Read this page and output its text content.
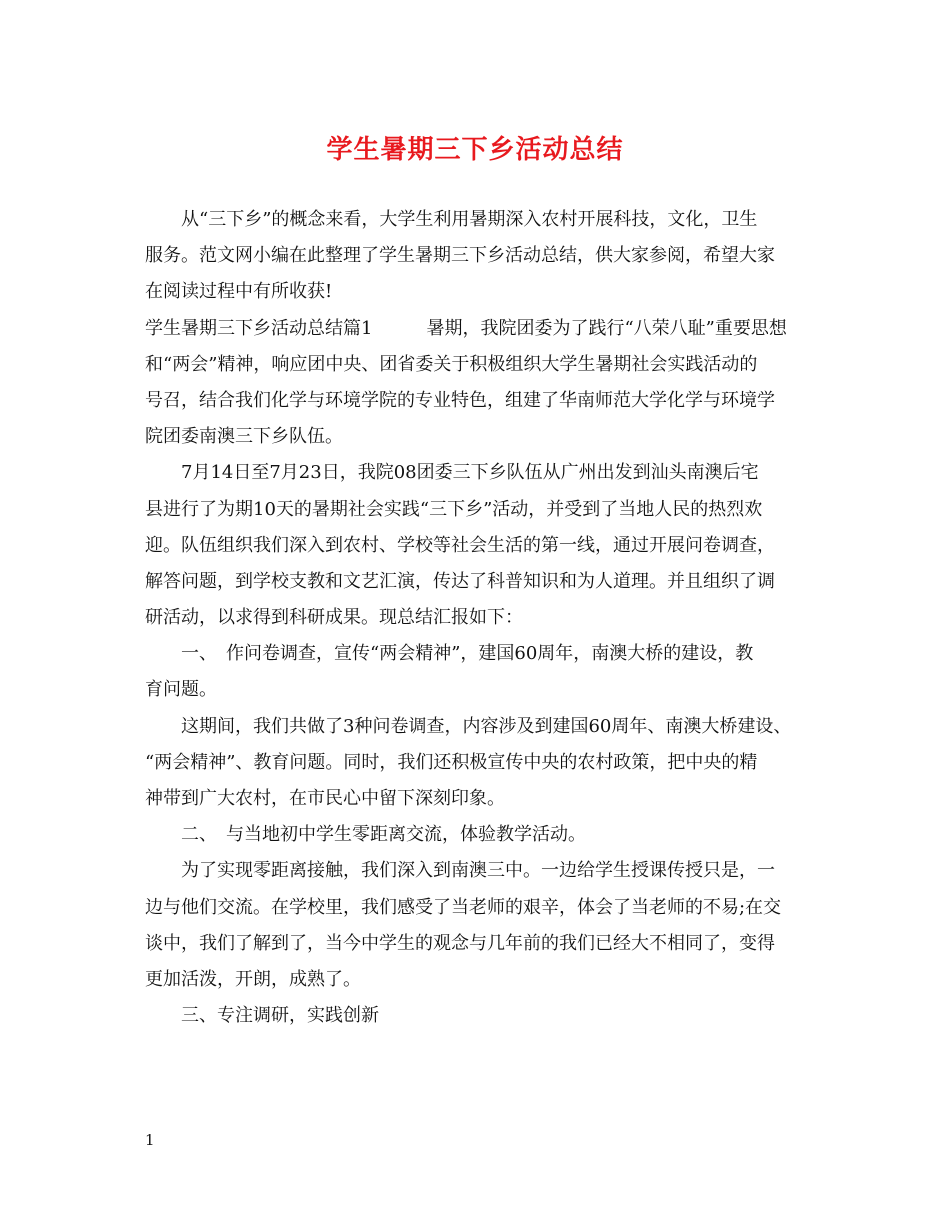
学生暑期三下乡活动总结
从“三下乡”的概念来看，大学生利用暑期深入农村开展科技，文化，卫生
服务。范文网小编在此整理了学生暑期三下乡活动总结，供大家参阅，希望大家
在阅读过程中有所收获!
学生暑期三下乡活动总结篇1　　　暑期，我院团委为了践行“八荣八耻”重要思想
和“两会”精神，响应团中央、团省委关于积极组织大学生暑期社会实践活动的
号召，结合我们化学与环境学院的专业特色，组建了华南师范大学化学与环境学
院团委南澳三下乡队伍。
7月14日至7月23日，我院08团委三下乡队伍从广州出发到汕头南澳后宅
县进行了为期10天的暑期社会实践“三下乡”活动，并受到了当地人民的热烈欢
迎。队伍组织我们深入到农村、学校等社会生活的第一线，通过开展问卷调查，
解答问题，到学校支教和文艺汇演，传达了科普知识和为人道理。并且组织了调
研活动，以求得到科研成果。现总结汇报如下：
一、　作问卷调查，宣传“两会精神”，建国60周年，南澳大桥的建设，教
育问题。
这期间，我们共做了3种问卷调查，内容涉及到建国60周年、南澳大桥建设、
“两会精神”、教育问题。同时，我们还积极宣传中央的农村政策，把中央的精
神带到广大农村，在市民心中留下深刻印象。
二、　与当地初中学生零距离交流，体验教学活动。
为了实现零距离接触，我们深入到南澳三中。一边给学生授课传授只是，一
边与他们交流。在学校里，我们感受了当老师的艰辛，体会了当老师的不易;在交
谈中，我们了解到了，当今中学生的观念与几年前的我们已经大不相同了，变得
更加活泼，开朗，成熟了。
三、专注调研，实践创新
1
